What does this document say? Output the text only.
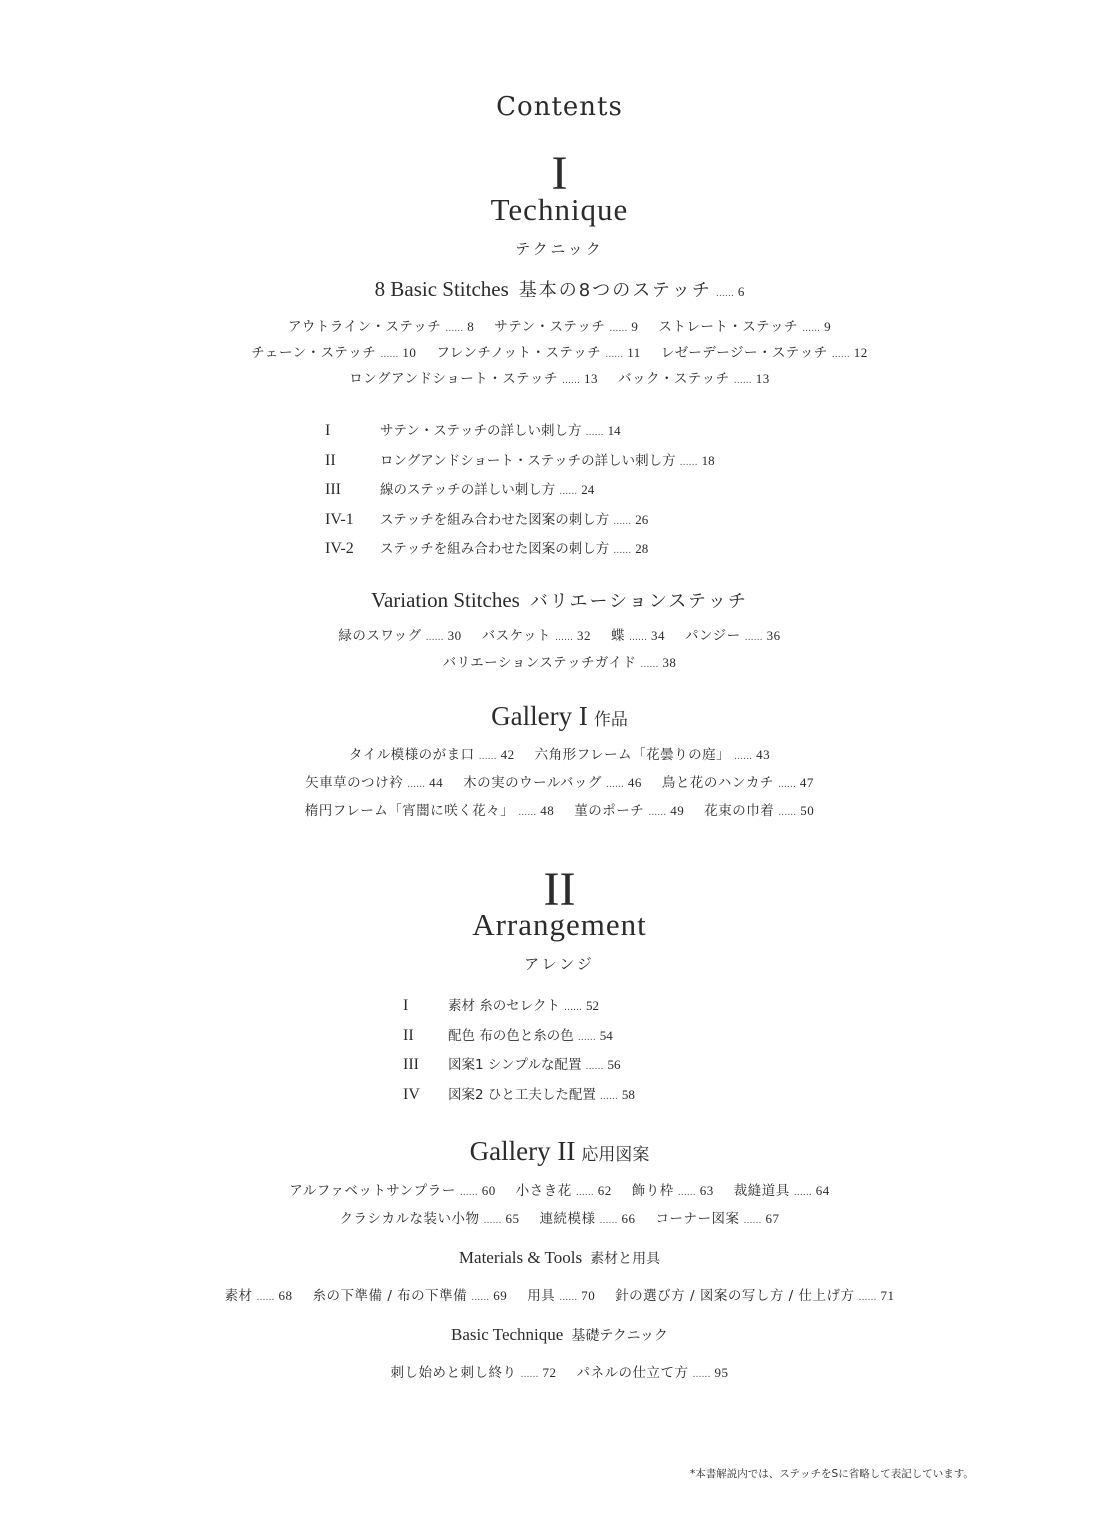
Contents
I
Technique
テクニック
8 Basic Stitches 基本の8つのステッチ …… 6
アウトライン・ステッチ …… 8 サテン・ステッチ …… 9 ストレート・ステッチ …… 9
チェーン・ステッチ …… 10 フレンチノット・ステッチ …… 11 レゼーデージー・ステッチ …… 12
ロングアンドショート・ステッチ …… 13 バック・ステッチ …… 13
I	サテン・ステッチの詳しい刺し方 …… 14
II	ロングアンドショート・ステッチの詳しい刺し方 …… 18
III	線のステッチの詳しい刺し方 …… 24
IV-1 ステッチを組み合わせた図案の刺し方 …… 26
IV-2 ステッチを組み合わせた図案の刺し方 …… 28
Variation Stitches バリエーションステッチ
緑のスワッグ …… 30 バスケット …… 32 蝶 …… 34 パンジー …… 36
バリエーションステッチガイド …… 38
Gallery I 作品
タイル模様のがま口 …… 42 六角形フレーム「花曇りの庭」 …… 43
矢車草のつけ衿 …… 44 木の実のウールバッグ …… 46 鳥と花のハンカチ …… 47
楕円フレーム「宵闇に咲く花々」 …… 48 菫のポーチ …… 49 花束の巾着 …… 50
II
Arrangement
アレンジ
I	素材 糸のセレクト …… 52
II	配色 布の色と糸の色 …… 54
III 図案1 シンプルな配置 …… 56
IV 図案2 ひと工夫した配置 …… 58
Gallery II 応用図案
アルファベットサンプラー …… 60 小さき花 …… 62 飾り枠 …… 63 裁縫道具 …… 64
クラシカルな装い小物 …… 65 連続模様 …… 66 コーナー図案 …… 67
Materials & Tools 素材と用具
素材 …… 68 糸の下準備 / 布の下準備 …… 69 用具 …… 70 針の選び方 / 図案の写し方 / 仕上げ方 …… 71
Basic Technique 基礎テクニック
刺し始めと刺し終り …… 72 パネルの仕立て方 …… 95
*本書解説内では、ステッチをSに省略して表記しています。
